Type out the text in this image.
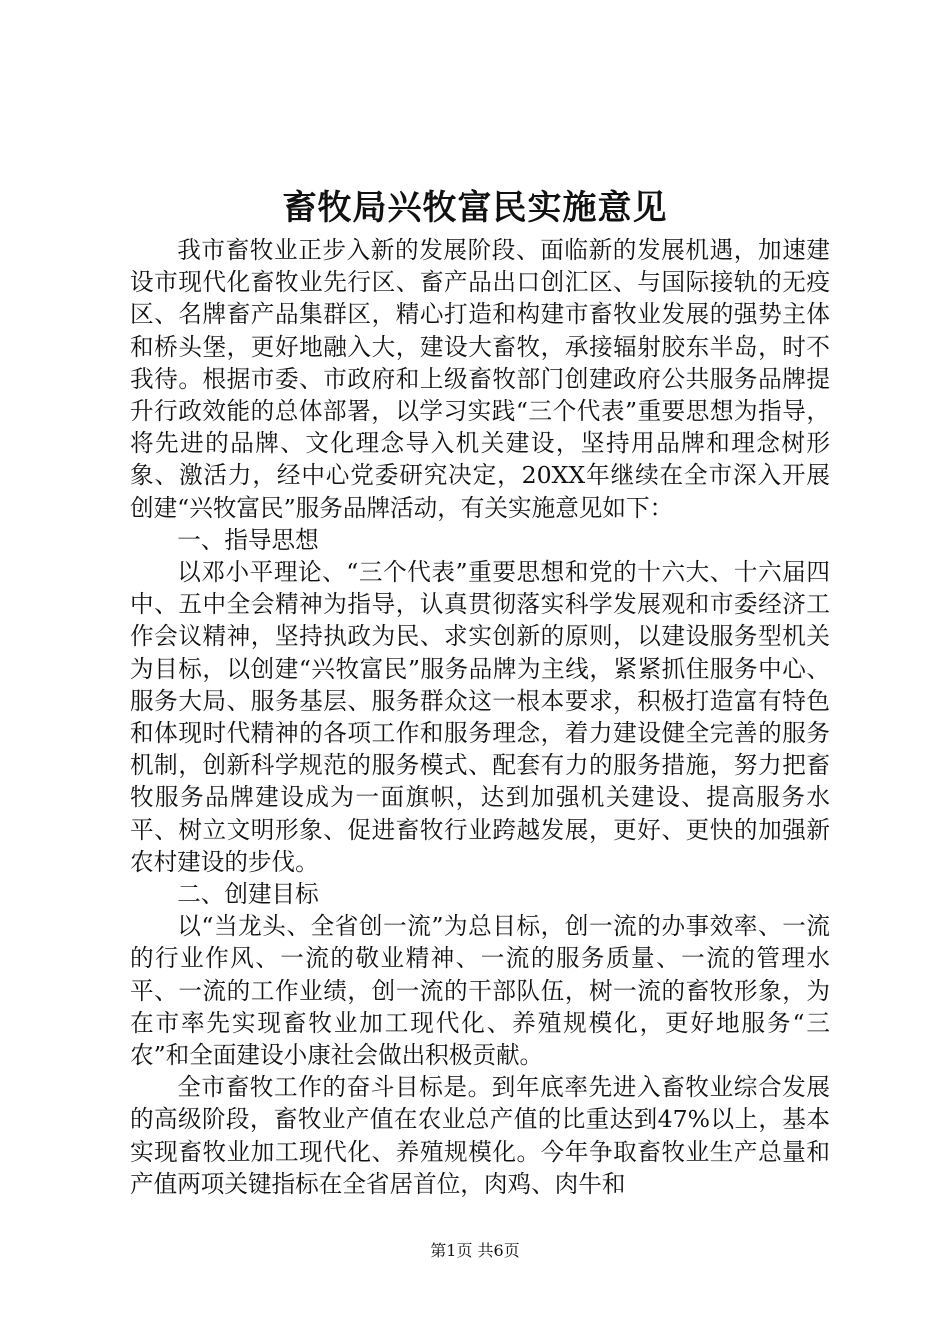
畜牧局兴牧富民实施意见

我市畜牧业正步入新的发展阶段、面临新的发展机遇，加速建设市现代化畜牧业先行区、畜产品出口创汇区、与国际接轨的无疫区、名牌畜产品集群区，精心打造和构建市畜牧业发展的强势主体和桥头堡，更好地融入大，建设大畜牧，承接辐射胶东半岛，时不我待。根据市委、市政府和上级畜牧部门创建政府公共服务品牌提升行政效能的总体部署，以学习实践“三个代表”重要思想为指导，将先进的品牌、文化理念导入机关建设，坚持用品牌和理念树形象、激活力，经中心党委研究决定，20XX年继续在全市深入开展创建“兴牧富民”服务品牌活动，有关实施意见如下：

一、指导思想

以邓小平理论、“三个代表”重要思想和党的十六大、十六届四中、五中全会精神为指导，认真贯彻落实科学发展观和市委经济工作会议精神，坚持执政为民、求实创新的原则，以建设服务型机关为目标，以创建“兴牧富民”服务品牌为主线，紧紧抓住服务中心、服务大局、服务基层、服务群众这一根本要求，积极打造富有特色和体现时代精神的各项工作和服务理念，着力建设健全完善的服务机制，创新科学规范的服务模式、配套有力的服务措施，努力把畜牧服务品牌建设成为一面旗帜，达到加强机关建设、提高服务水平、树立文明形象、促进畜牧行业跨越发展，更好、更快的加强新农村建设的步伐。

二、创建目标

以“当龙头、全省创一流”为总目标，创一流的办事效率、一流的行业作风、一流的敬业精神、一流的服务质量、一流的管理水平、一流的工作业绩，创一流的干部队伍，树一流的畜牧形象，为在市率先实现畜牧业加工现代化、养殖规模化，更好地服务“三农”和全面建设小康社会做出积极贡献。

全市畜牧工作的奋斗目标是。到年底率先进入畜牧业综合发展的高级阶段，畜牧业产值在农业总产值的比重达到47%以上，基本实现畜牧业加工现代化、养殖规模化。今年争取畜牧业生产总量和产值两项关键指标在全省居首位，肉鸡、肉牛和

第1页 共6页
